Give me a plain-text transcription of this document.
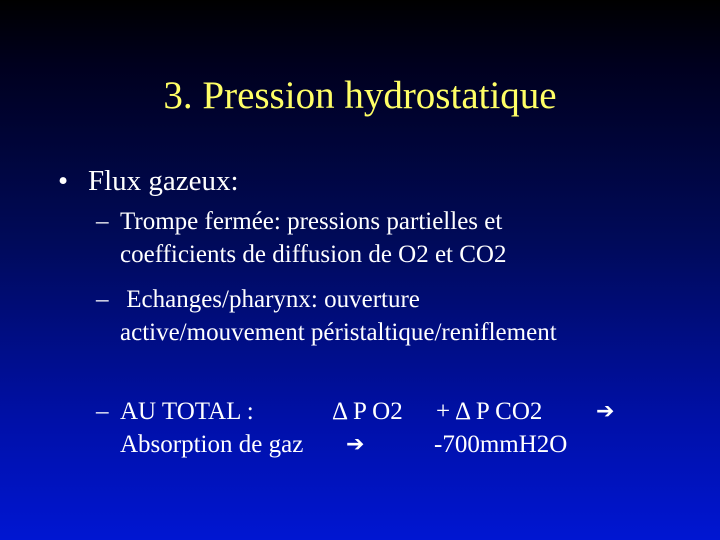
3. Pression hydrostatique
• Flux gazeux:
– Trompe fermée: pressions partielles et
coefficients de diffusion de O2 et CO2
– Echanges/pharynx: ouverture
active/mouvement péristaltique/reniflement
– AU TOTAL :	Δ P O2 + Δ P CO2 ➔
Absorption de gaz ➔	-700mmH2O
